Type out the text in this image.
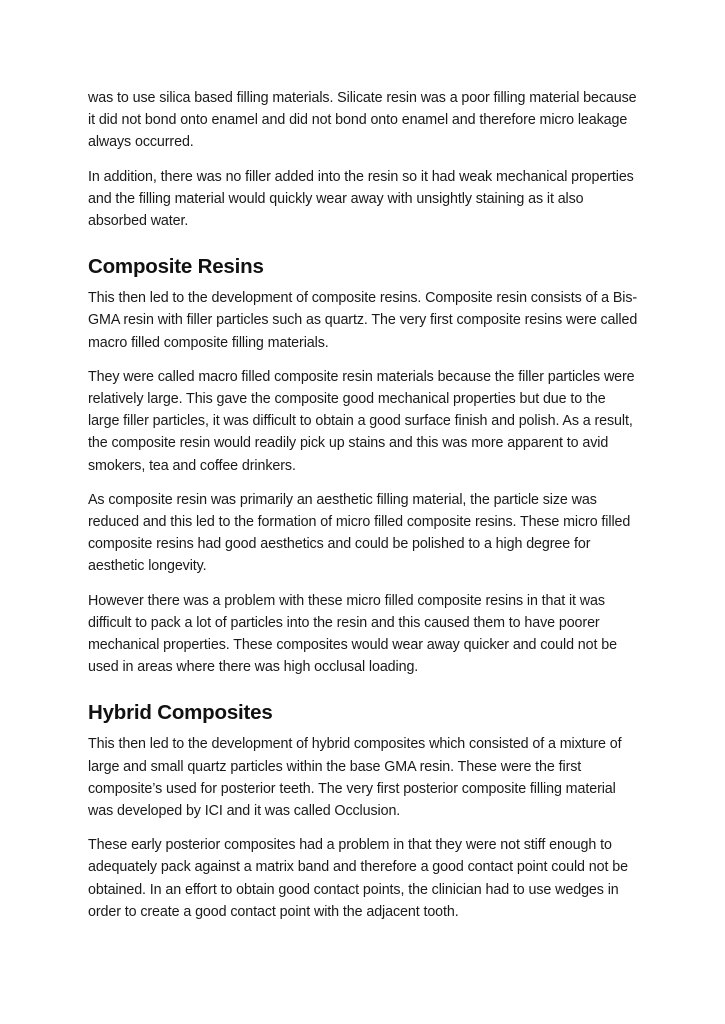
was to use silica based filling materials. Silicate resin was a poor filling material because it did not bond onto enamel and did not bond onto enamel and therefore micro leakage always occurred.

In addition, there was no filler added into the resin so it had weak mechanical properties and the filling material would quickly wear away with unsightly staining as it also absorbed water.

Composite Resins

This then led to the development of composite resins. Composite resin consists of a Bis- GMA resin with filler particles such as quartz. The very first composite resins were called macro filled composite filling materials.

They were called macro filled composite resin materials because the filler particles were relatively large. This gave the composite good mechanical properties but due to the large filler particles, it was difficult to obtain a good surface finish and polish. As a result, the composite resin would readily pick up stains and this was more apparent to avid smokers, tea and coffee drinkers.

As composite resin was primarily an aesthetic filling material, the particle size was reduced and this led to the formation of micro filled composite resins. These micro filled composite resins had good aesthetics and could be polished to a high degree for aesthetic longevity.

However there was a problem with these micro filled composite resins in that it was difficult to pack a lot of particles into the resin and this caused them to have poorer mechanical properties. These composites would wear away quicker and could not be used in areas where there was high occlusal loading.

Hybrid Composites

This then led to the development of hybrid composites which consisted of a mixture of large and small quartz particles within the base GMA resin. These were the first composite’s used for posterior teeth. The very first posterior composite filling material was developed by ICI and it was called Occlusion.

These early posterior composites had a problem in that they were not stiff enough to adequately pack against a matrix band and therefore a good contact point could not be obtained. In an effort to obtain good contact points, the clinician had to use wedges in order to create a good contact point with the adjacent tooth.
